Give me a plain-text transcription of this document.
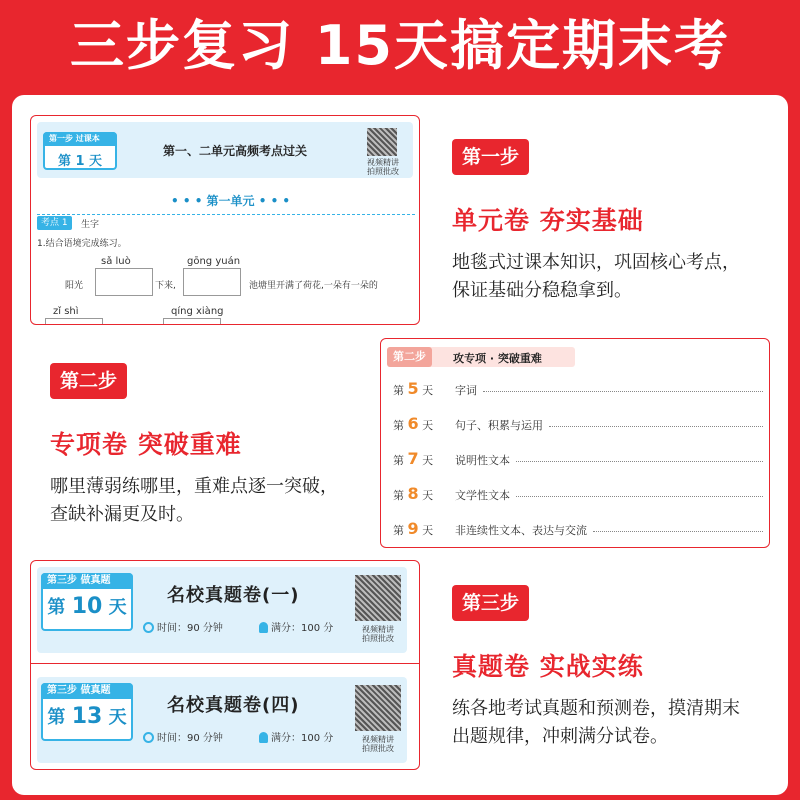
三步复习 15天搞定期末考
第一步 过课本
第 1 天
第一、二单元高频考点过关
视频精讲
拍照批改
• • • 第一单元 • • •
考点 1	生字
1.结合语境完成练习。
sǎ luò	gōng yuán
阳光	下来,	池塘里开满了荷花,一朵有一朵的
zǐ shì	qíng xiàng
第一步
单元卷 夯实基础
地毯式过课本知识，巩固核心考点，
保证基础分稳稳拿到。
第二步
专项卷 突破重难
哪里薄弱练哪里，重难点逐一突破，
查缺补漏更及时。
第二步	攻专项 · 突破重难
第 5 天 字词
第 6 天 句子、积累与运用
第 7 天 说明性文本
第 8 天 文学性文本
第 9 天 非连续性文本、表达与交流
第三步 做真题
第 10 天
名校真题卷(一)
时间：90 分钟	满分：100 分	视频精讲
拍照批改
第三步 做真题
第 13 天
名校真题卷(四)
时间：90 分钟	满分：100 分	视频精讲
拍照批改
第三步
真题卷 实战实练
练各地考试真题和预测卷，摸清期末
出题规律，冲刺满分试卷。
